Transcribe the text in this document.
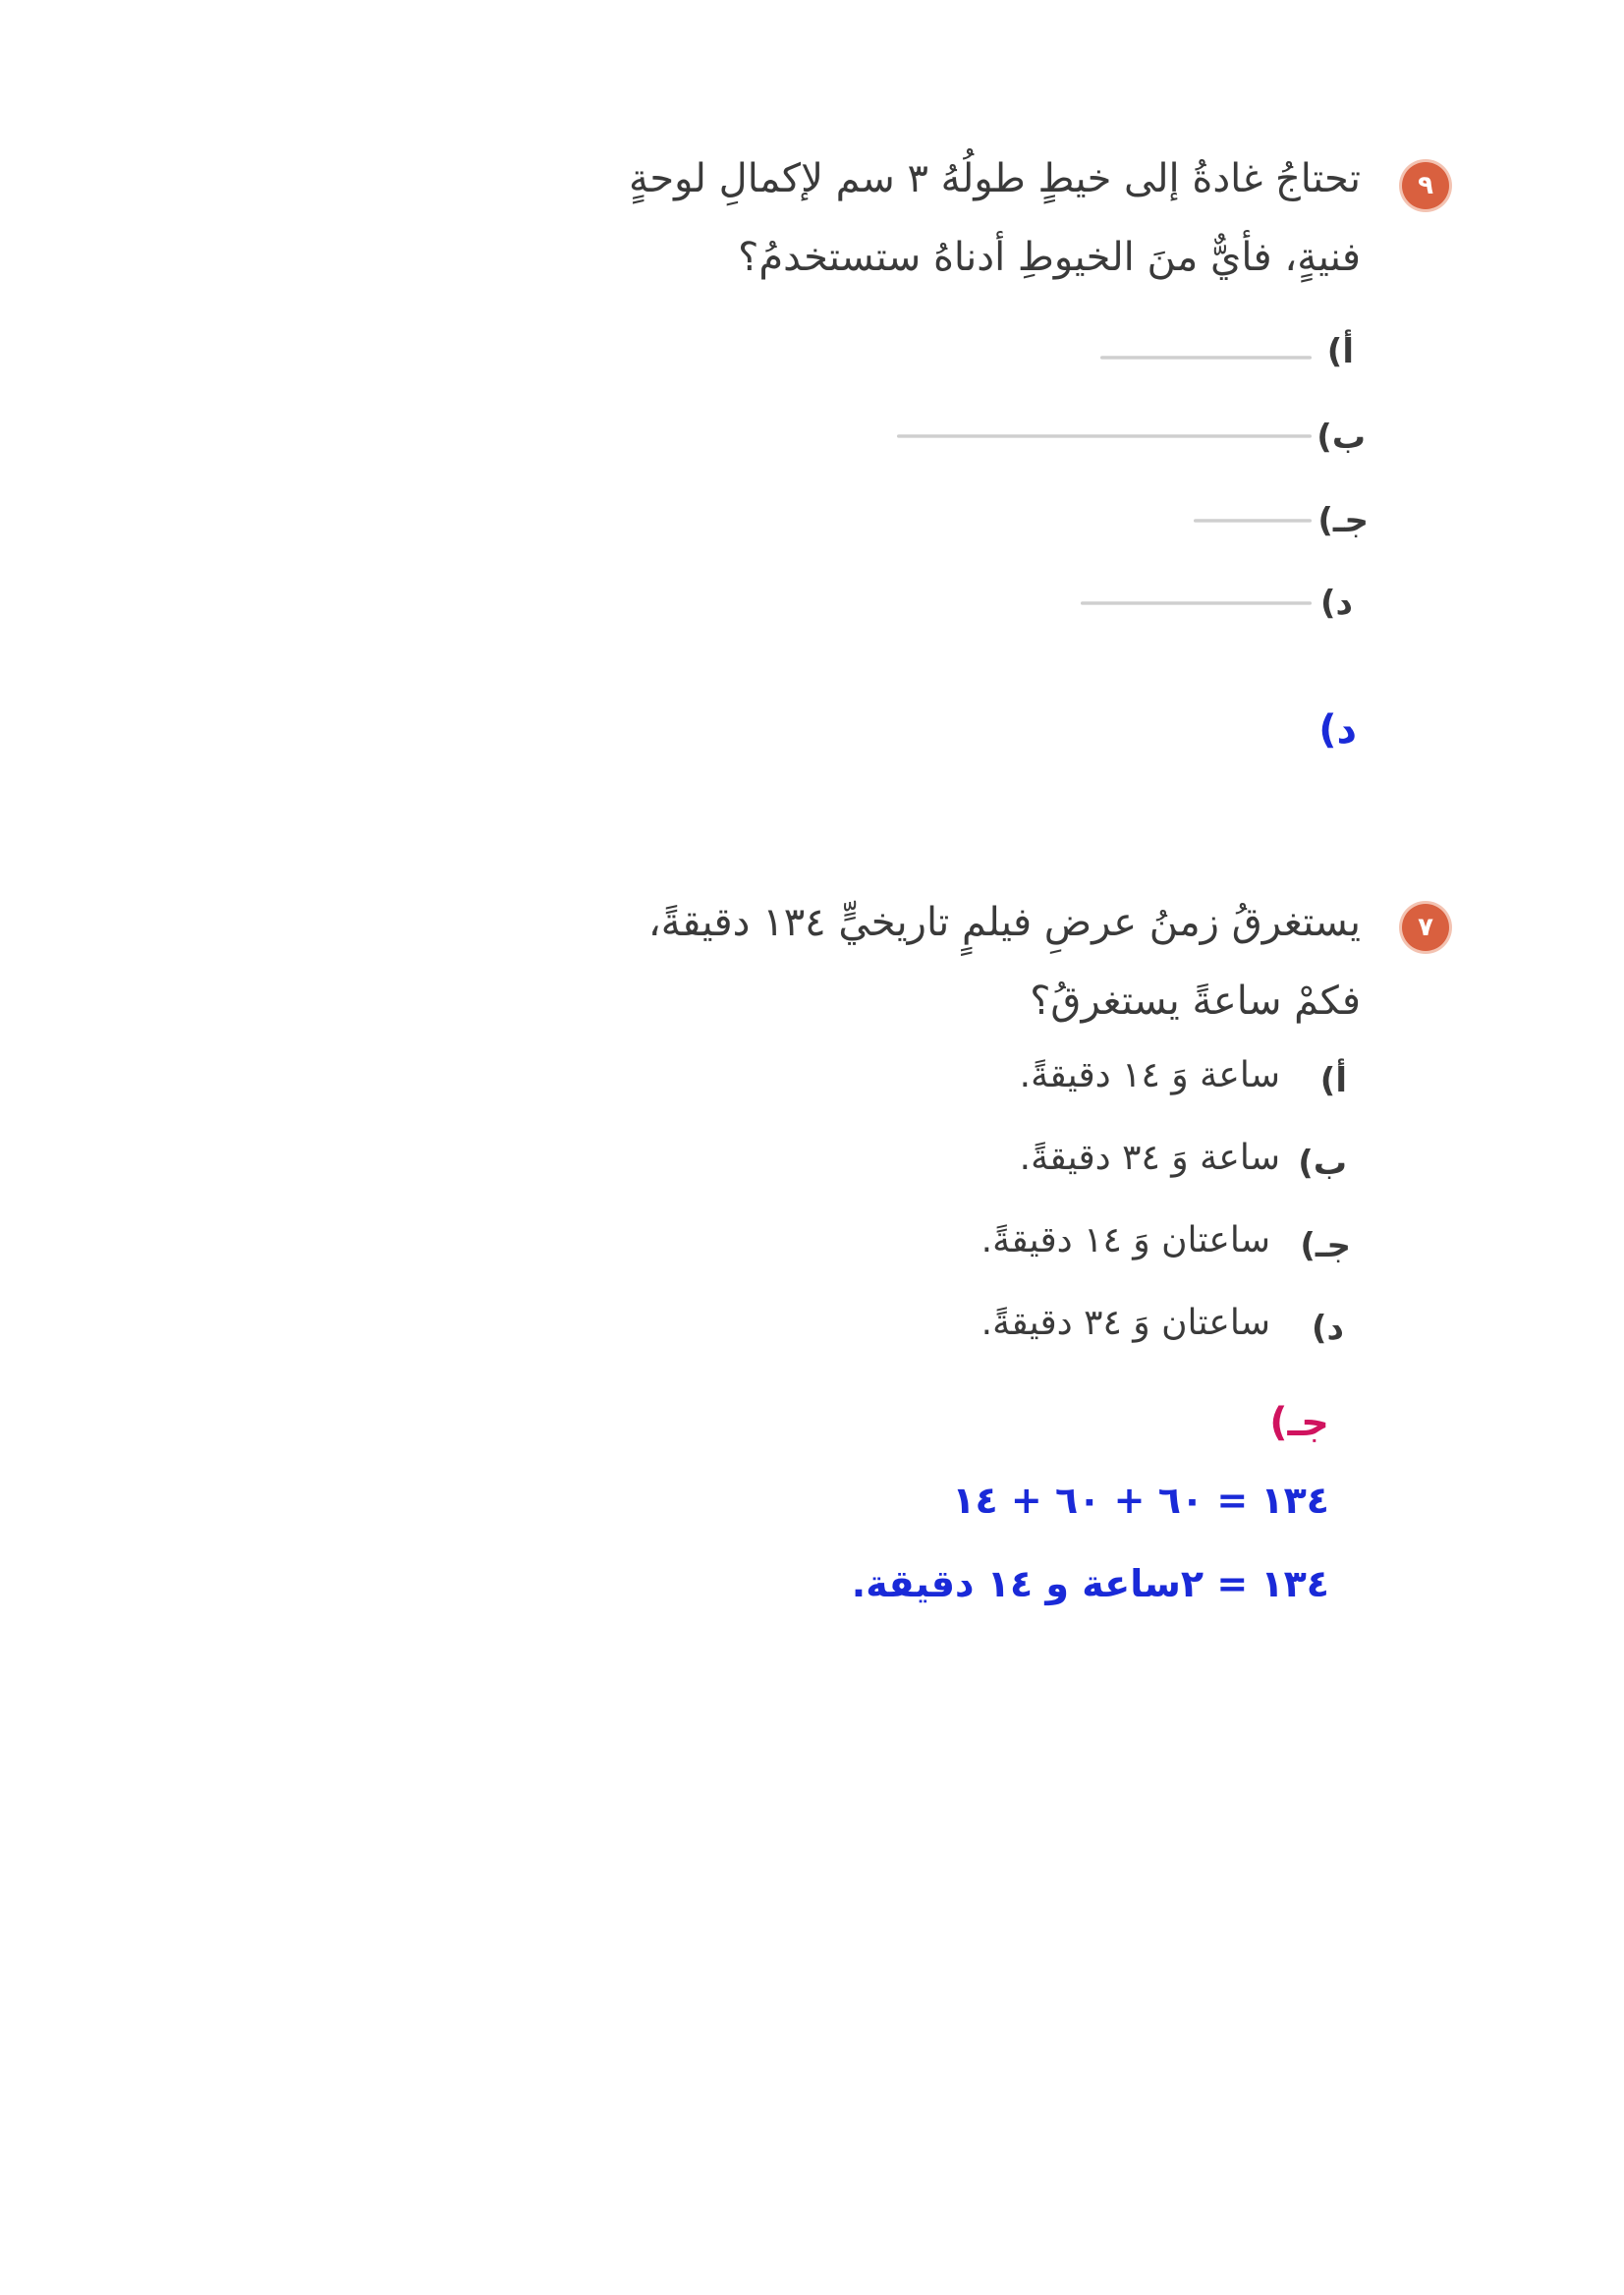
٩
تحتاجُ غادةُ إلى خيطٍ طولُهُ ٣ سم لإكمالِ لوحةٍ
فنيةٍ، فأيٌّ منَ الخيوطِ أدناهُ ستستخدمُ؟
أ)
ب)
جـ)
د)
د)
٧
يستغرقُ زمنُ عرضِ فيلمٍ تاريخيٍّ ١٣٤ دقيقةً،
فكمْ ساعةً يستغرقُ؟
أ)
ساعة وَ ١٤ دقيقةً.
ب)
ساعة وَ ٣٤ دقيقةً.
جـ)
ساعتان وَ ١٤ دقيقةً.
د)
ساعتان وَ ٣٤ دقيقةً.
جـ)
١٣٤ = ٦٠ + ٦٠ + ١٤
١٣٤ = ٢ساعة و ١٤ دقيقة.
